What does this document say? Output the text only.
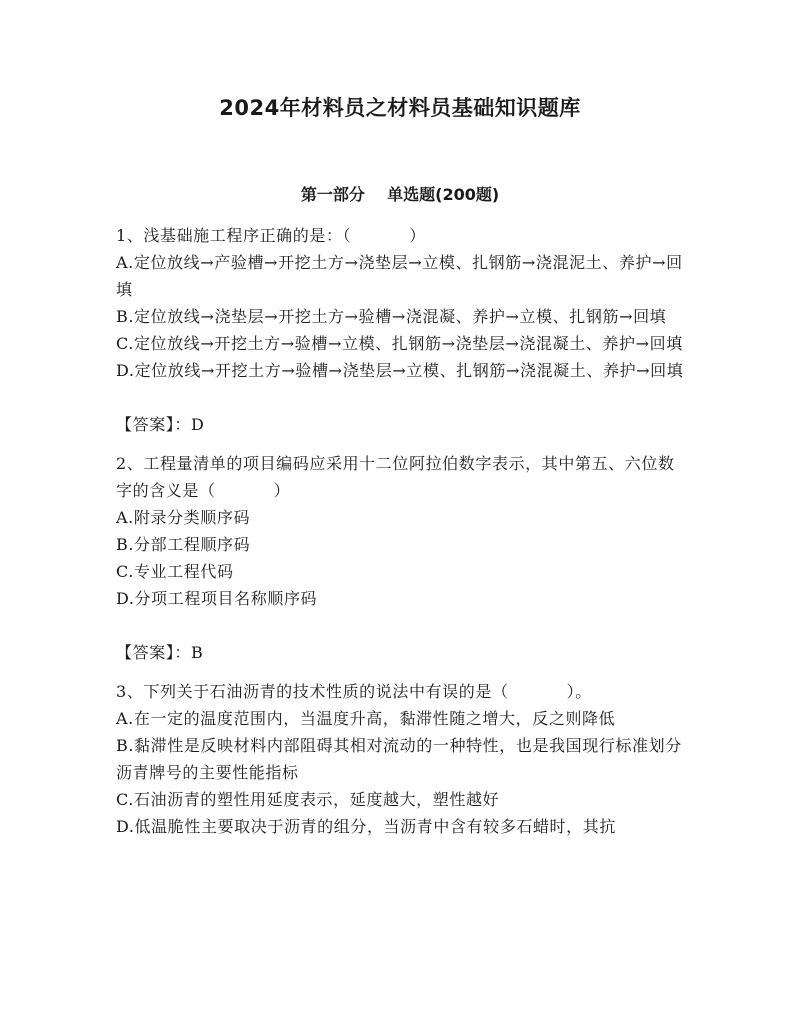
2024年材料员之材料员基础知识题库
第一部分    单选题(200题)

1、浅基础施工程序正确的是：（	）

A.定位放线→产验槽→开挖土方→浇垫层→立模、扎钢筋→浇混泥土、养护→回填

B.定位放线→浇垫层→开挖土方→验槽→浇混凝、养护→立模、扎钢筋→回填

C.定位放线→开挖土方→验槽→立模、扎钢筋→浇垫层→浇混凝土、养护→回填

D.定位放线→开挖土方→验槽→浇垫层→立模、扎钢筋→浇混凝土、养护→回填

【答案】：D

2、工程量清单的项目编码应采用十二位阿拉伯数字表示，其中第五、六位数字的含义是（	）

A.附录分类顺序码

B.分部工程顺序码

C.专业工程代码

D.分项工程项目名称顺序码

【答案】：B

3、下列关于石油沥青的技术性质的说法中有误的是（	）。

A.在一定的温度范围内，当温度升高，黏滞性随之增大，反之则降低

B.黏滞性是反映材料内部阻碍其相对流动的一种特性，也是我国现行标准划分沥青牌号的主要性能指标

C.石油沥青的塑性用延度表示，延度越大，塑性越好

D.低温脆性主要取决于沥青的组分，当沥青中含有较多石蜡时，其抗
